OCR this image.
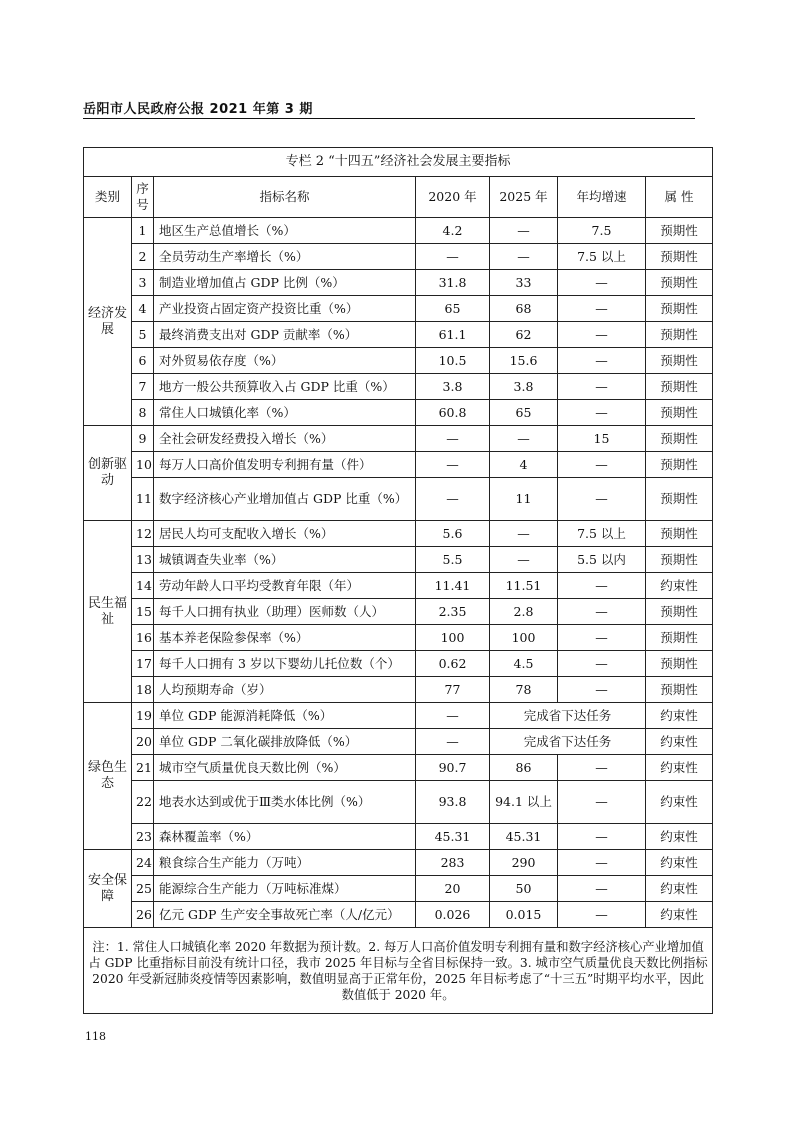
岳阳市人民政府公报 2021 年第 3 期
专栏 2 “十四五”经济社会发展主要指标						
类别	序号	指标名称	2020 年	2025 年	年均增速	属 性
经济发展	1	地区生产总值增长（%）	4.2	—	7.5	预期性
	2	全员劳动生产率增长（%）	—	—	7.5 以上	预期性
	3	制造业增加值占 GDP 比例（%）	31.8	33	—	预期性
	4	产业投资占固定资产投资比重（%）	65	68	—	预期性
	5	最终消费支出对 GDP 贡献率（%）	61.1	62	—	预期性
	6	对外贸易依存度（%）	10.5	15.6	—	预期性
	7	地方一般公共预算收入占 GDP 比重（%）	3.8	3.8	—	预期性
	8	常住人口城镇化率（%）	60.8	65	—	预期性
创新驱动	9	全社会研发经费投入增长（%）	—	—	15	预期性
	10	每万人口高价值发明专利拥有量（件）	—	4	—	预期性
	11	数字经济核心产业增加值占 GDP 比重（%）	—	11	—	预期性
民生福祉	12	居民人均可支配收入增长（%）	5.6	—	7.5 以上	预期性
	13	城镇调查失业率（%）	5.5	—	5.5 以内	预期性
	14	劳动年龄人口平均受教育年限（年）	11.41	11.51	—	约束性
	15	每千人口拥有执业（助理）医师数（人）	2.35	2.8	—	预期性
	16	基本养老保险参保率（%）	100	100	—	预期性
	17	每千人口拥有 3 岁以下婴幼儿托位数（个）	0.62	4.5	—	预期性
	18	人均预期寿命（岁）	77	78	—	预期性
绿色生态	19	单位 GDP 能源消耗降低（%）	—	完成省下达任务		约束性
	20	单位 GDP 二氧化碳排放降低（%）	—	完成省下达任务		约束性
	21	城市空气质量优良天数比例（%）	90.7	86	—	约束性
	22	地表水达到或优于Ⅲ类水体比例（%）	93.8	94.1 以上	—	约束性
	23	森林覆盖率（%）	45.31	45.31	—	约束性
安全保障	24	粮食综合生产能力（万吨）	283	290	—	约束性
	25	能源综合生产能力（万吨标准煤）	20	50	—	约束性
	26	亿元 GDP 生产安全事故死亡率（人/亿元）	0.026	0.015	—	约束性
注：1. 常住人口城镇化率 2020 年数据为预计数。2. 每万人口高价值发明专利拥有量和数字经济核心产业增加值占 GDP 比重指标目前没有统计口径，我市 2025 年目标与全省目标保持一致。3. 城市空气质量优良天数比例指标 2020 年受新冠肺炎疫情等因素影响，数值明显高于正常年份，2025 年目标考虑了“十三五”时期平均水平，因此数值低于 2020 年。						
118
